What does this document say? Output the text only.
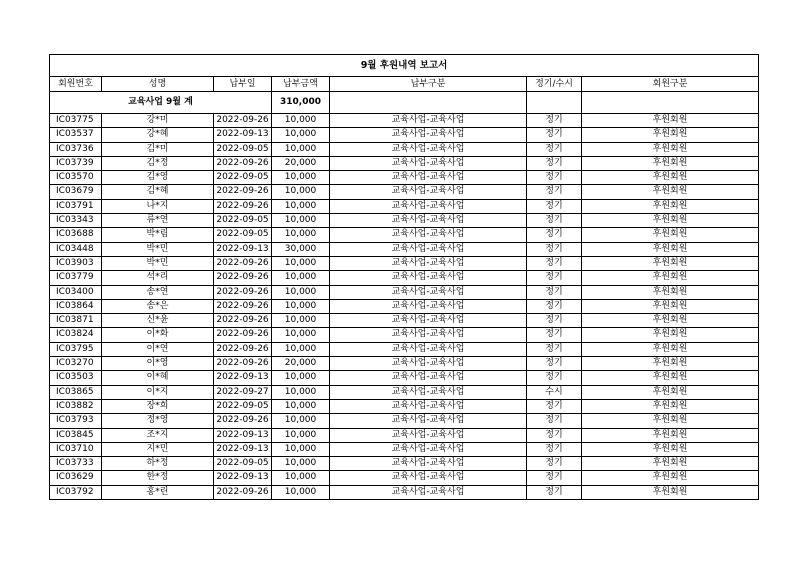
9월 후원내역 보고서						
회원번호	성명	납부일	납부금액	납부구분	정기/수시	회원구분
교육사업 9월 계			310,000			
IC03775	강*미	2022-09-26	10,000	교육사업-교육사업	정기	후원회원
IC03537	강*혜	2022-09-13	10,000	교육사업-교육사업	정기	후원회원
IC03736	김*미	2022-09-05	10,000	교육사업-교육사업	정기	후원회원
IC03739	김*정	2022-09-26	20,000	교육사업-교육사업	정기	후원회원
IC03570	김*영	2022-09-05	10,000	교육사업-교육사업	정기	후원회원
IC03679	김*혜	2022-09-26	10,000	교육사업-교육사업	정기	후원회원
IC03791	나*지	2022-09-26	10,000	교육사업-교육사업	정기	후원회원
IC03343	류*연	2022-09-05	10,000	교육사업-교육사업	정기	후원회원
IC03688	박*림	2022-09-05	10,000	교육사업-교육사업	정기	후원회원
IC03448	박*민	2022-09-13	30,000	교육사업-교육사업	정기	후원회원
IC03903	박*민	2022-09-26	10,000	교육사업-교육사업	정기	후원회원
IC03779	석*리	2022-09-26	10,000	교육사업-교육사업	정기	후원회원
IC03400	송*연	2022-09-26	10,000	교육사업-교육사업	정기	후원회원
IC03864	송*은	2022-09-26	10,000	교육사업-교육사업	정기	후원회원
IC03871	신*윤	2022-09-26	10,000	교육사업-교육사업	정기	후원회원
IC03824	이*화	2022-09-26	10,000	교육사업-교육사업	정기	후원회원
IC03795	이*연	2022-09-26	10,000	교육사업-교육사업	정기	후원회원
IC03270	이*영	2022-09-26	20,000	교육사업-교육사업	정기	후원회원
IC03503	이*혜	2022-09-13	10,000	교육사업-교육사업	정기	후원회원
IC03865	이*지	2022-09-27	10,000	교육사업-교육사업	수시	후원회원
IC03882	장*희	2022-09-05	10,000	교육사업-교육사업	정기	후원회원
IC03793	정*영	2022-09-26	10,000	교육사업-교육사업	정기	후원회원
IC03845	조*지	2022-09-13	10,000	교육사업-교육사업	정기	후원회원
IC03710	지*민	2022-09-13	10,000	교육사업-교육사업	정기	후원회원
IC03733	하*정	2022-09-05	10,000	교육사업-교육사업	정기	후원회원
IC03629	한*정	2022-09-13	10,000	교육사업-교육사업	정기	후원회원
IC03792	홍*린	2022-09-26	10,000	교육사업-교육사업	정기	후원회원
